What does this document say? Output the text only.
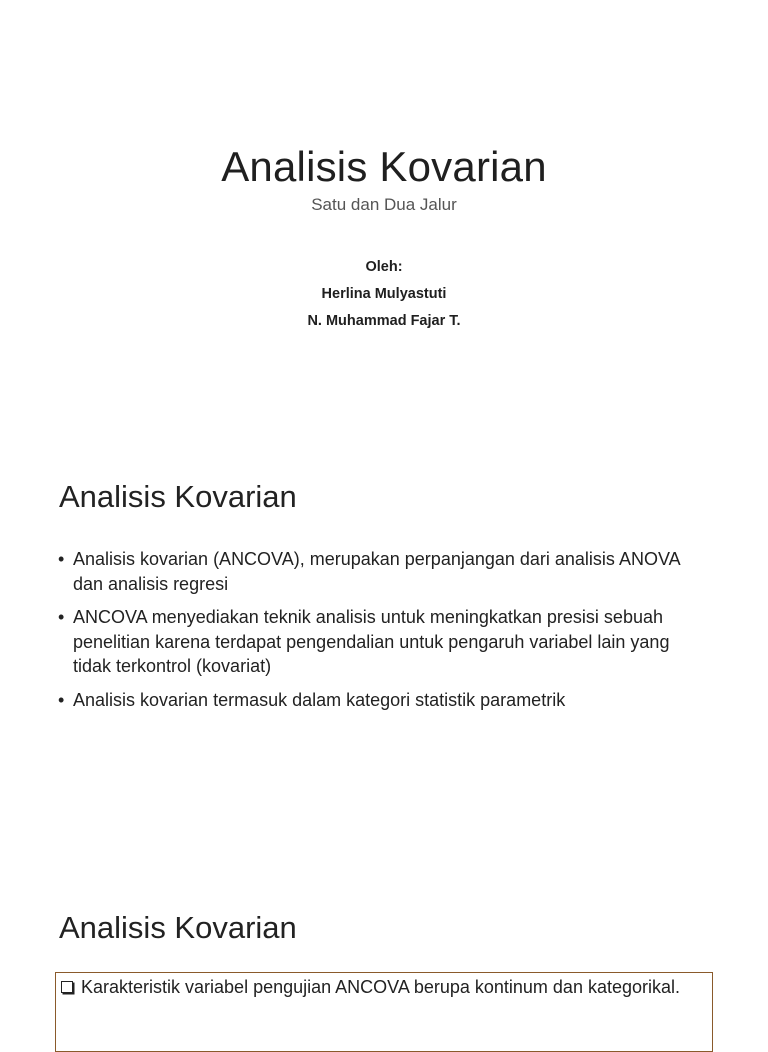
Analisis Kovarian
Satu dan Dua Jalur
Oleh:
Herlina Mulyastuti
N. Muhammad Fajar T.
Analisis Kovarian
• Analisis kovarian (ANCOVA), merupakan perpanjangan dari analisis ANOVA dan analisis regresi
• ANCOVA menyediakan teknik analisis untuk meningkatkan presisi sebuah penelitian karena terdapat pengendalian untuk pengaruh variabel lain yang tidak terkontrol (kovariat)
• Analisis kovarian termasuk dalam kategori statistik parametrik
Analisis Kovarian
Karakteristik variabel pengujian ANCOVA berupa kontinum dan kategorikal.
